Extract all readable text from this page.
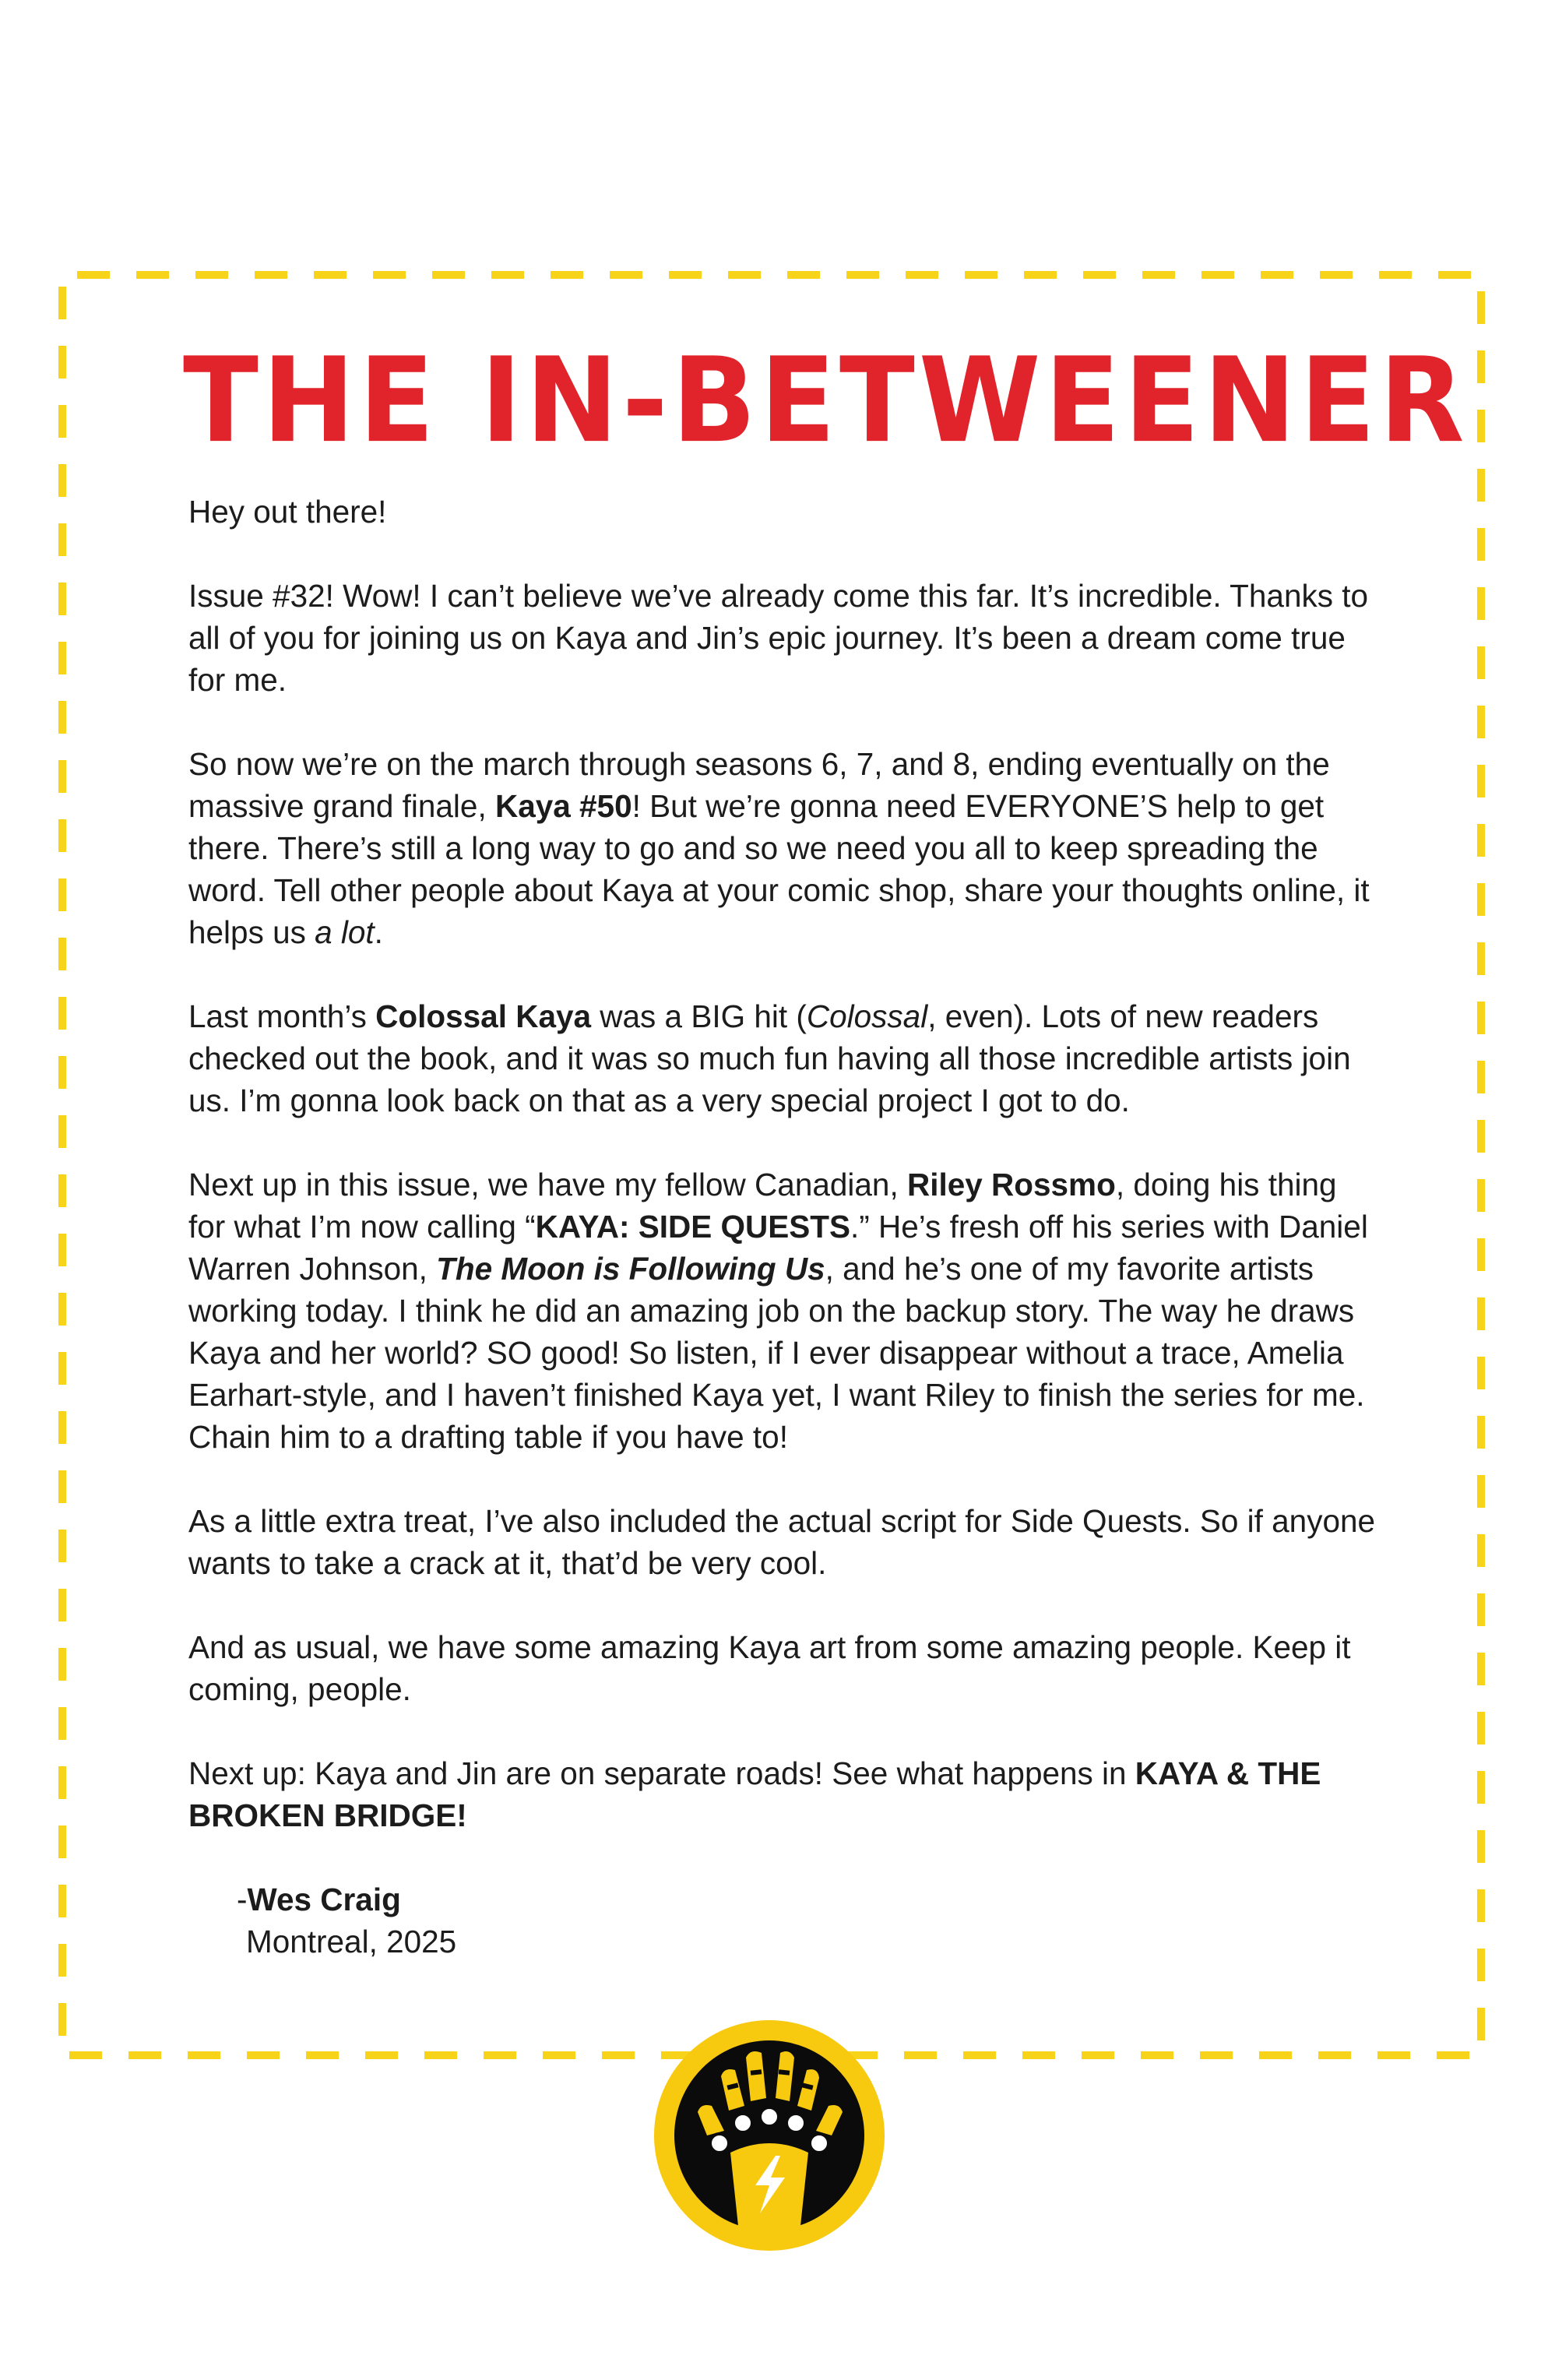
THE IN-BETWEENER

Hey out there!

Issue #32! Wow! I can’t believe we’ve already come this far. It’s incredible. Thanks to all of you for joining us on Kaya and Jin’s epic journey. It’s been a dream come true for me.

So now we’re on the march through seasons 6, 7, and 8, ending eventually on the massive grand finale, Kaya #50! But we’re gonna need EVERYONE’S help to get there. There’s still a long way to go and so we need you all to keep spreading the word. Tell other people about Kaya at your comic shop, share your thoughts online, it helps us a lot.

Last month’s Colossal Kaya was a BIG hit (Colossal, even). Lots of new readers checked out the book, and it was so much fun having all those incredible artists join us. I’m gonna look back on that as a very special project I got to do.

Next up in this issue, we have my fellow Canadian, Riley Rossmo, doing his thing for what I’m now calling “KAYA: SIDE QUESTS.” He’s fresh off his series with Daniel Warren Johnson, The Moon is Following Us, and he’s one of my favorite artists working today. I think he did an amazing job on the backup story. The way he draws Kaya and her world? SO good! So listen, if I ever disappear without a trace, Amelia Earhart-style, and I haven’t finished Kaya yet, I want Riley to finish the series for me. Chain him to a drafting table if you have to!

As a little extra treat, I’ve also included the actual script for Side Quests. So if anyone wants to take a crack at it, that’d be very cool.

And as usual, we have some amazing Kaya art from some amazing people. Keep it coming, people.

Next up: Kaya and Jin are on separate roads! See what happens in KAYA & THE BROKEN BRIDGE!

-Wes Craig
Montreal, 2025
